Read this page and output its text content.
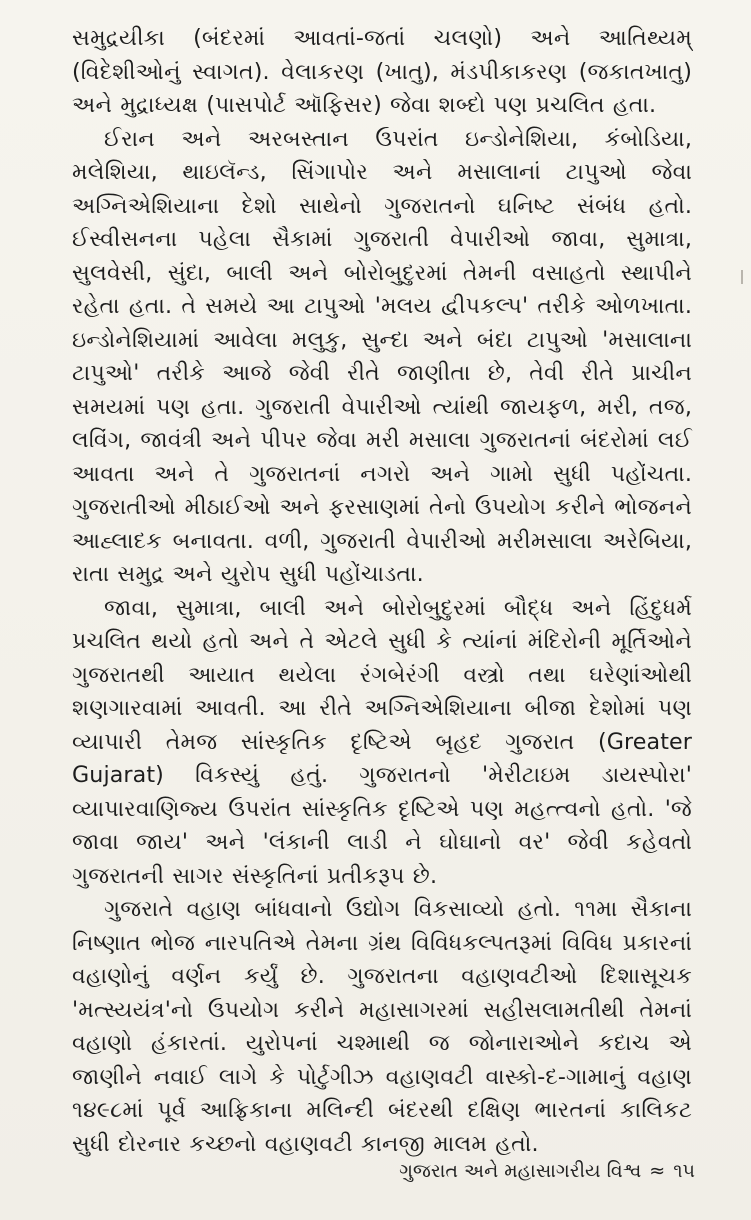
સમુદ્રયીકા (બંદરમાં આવતાં-જતાં ચલણો) અને આતિથ્યમ્ (વિદેશીઓનું સ્વાગત). વેલાકરણ (ખાતુ), મંડપીકાકરણ (જકાતખાતુ) અને મુદ્રાધ્યક્ષ (પાસપોર્ટ ઑફિસર) જેવા શબ્દો પણ પ્રચલિત હતા.

ઈરાન અને અરબસ્તાન ઉપરાંત ઇન્ડોનેશિયા, કંબોડિયા, મલેશિયા, થાઇલૅન્ડ, સિંગાપોર અને મસાલાનાં ટાપુઓ જેવા અગ્નિએશિયાના દેશો સાથેનો ગુજરાતનો ઘનિષ્ટ સંબંધ હતો. ઈસ્વીસનના પહેલા સૈકામાં ગુજરાતી વેપારીઓ જાવા, સુમાત્રા, સુલવેસી, સુંદા, બાલી અને બોરોબુદુરમાં તેમની વસાહતો સ્થાપીને રહેતા હતા. તે સમયે આ ટાપુઓ 'મલય દ્વીપકલ્પ' તરીકે ઓળખાતા. ઇન્ડોનેશિયામાં આવેલા મલુકુ, સુન્દા અને બંદા ટાપુઓ 'મસાલાના ટાપુઓ' તરીકે આજે જેવી રીતે જાણીતા છે, તેવી રીતે પ્રાચીન સમયમાં પણ હતા. ગુજરાતી વેપારીઓ ત્યાંથી જાયફળ, મરી, તજ, લવિંગ, જાવંત્રી અને પીપર જેવા મરી મસાલા ગુજરાતનાં બંદરોમાં લઈ આવતા અને તે ગુજરાતનાં નગરો અને ગામો સુધી પહોંચતા. ગુજરાતીઓ મીઠાઈઓ અને ફરસાણમાં તેનો ઉપયોગ કરીને ભોજનને આહ્લાદક બનાવતા. વળી, ગુજરાતી વેપારીઓ મરીમસાલા અરેબિયા, રાતા સમુદ્ર અને યુરોપ સુધી પહોંચાડતા.

જાવા, સુમાત્રા, બાલી અને બોરોબુદુરમાં બૌદ્ધ અને હિંદુધર્મ પ્રચલિત થયો હતો અને તે એટલે સુધી કે ત્યાંનાં મંદિરોની મૂર્તિઓને ગુજરાતથી આયાત થયેલા રંગબેરંગી વસ્ત્રો તથા ઘરેણાંઓથી શણગારવામાં આવતી. આ રીતે અગ્નિએશિયાના બીજા દેશોમાં પણ વ્યાપારી તેમજ સાંસ્કૃતિક દૃષ્ટિએ બૃહદ ગુજરાત (Greater Gujarat) વિકસ્યું હતું. ગુજરાતનો 'મેરીટાઇમ ડાયસ્પોરા' વ્યાપારવાણિજ્ય ઉપરાંત સાંસ્કૃતિક દૃષ્ટિએ પણ મહત્ત્વનો હતો. 'જે જાવા જાય' અને 'લંકાની લાડી ને ઘોઘાનો વર' જેવી કહેવતો ગુજરાતની સાગર સંસ્કૃતિનાં પ્રતીકરૂપ છે.

ગુજરાતે વહાણ બાંધવાનો ઉદ્યોગ વિકસાવ્યો હતો. ૧૧મા સૈકાના નિષ્ણાત ભોજ નારપતિએ તેમના ગ્રંથ વિવિધકલ્પતરૂમાં વિવિધ પ્રકારનાં વહાણોનું વર્ણન કર્યું છે. ગુજરાતના વહાણવટીઓ દિશાસૂચક 'મત્સ્યયંત્ર'નો ઉપયોગ કરીને મહાસાગરમાં સહીસલામતીથી તેમનાં વહાણો હંકારતાં. યુરોપનાં ચશ્માથી જ જોનારાઓને કદાચ એ જાણીને નવાઈ લાગે કે પોર્ટુગીઝ વહાણવટી વાસ્કો-દ-ગામાનું વહાણ ૧૪૯૮માં પૂર્વ આફ્રિકાના મલિન્દી બંદરથી દક્ષિણ ભારતનાં કાલિકટ સુધી દોરનાર કચ્છનો વહાણવટી કાનજી માલમ હતો.

ગુજરાત અને મહાસાગરીય વિશ્વ ≈ ૧૫
